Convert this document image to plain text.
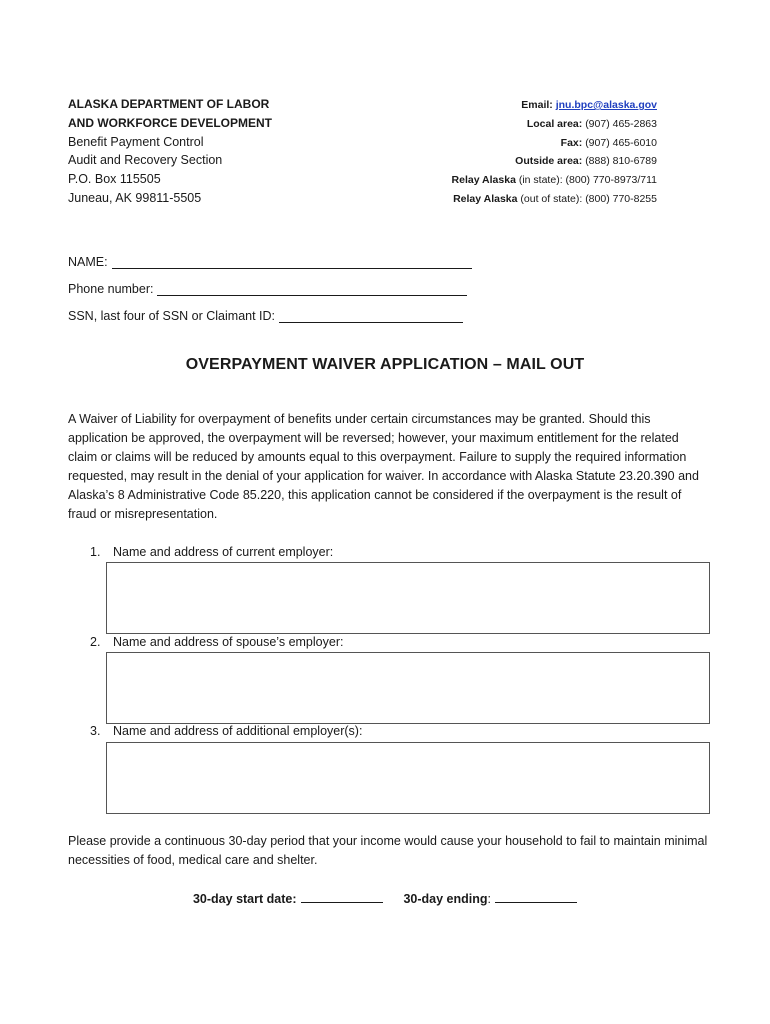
ALASKA DEPARTMENT OF LABOR
AND WORKFORCE DEVELOPMENT
Benefit Payment Control
Audit and Recovery Section
P.O. Box 115505
Juneau, AK 99811-5505
Email: jnu.bpc@alaska.gov
Local area: (907) 465-2863
Fax: (907) 465-6010
Outside area: (888) 810-6789
Relay Alaska (in state): (800) 770-8973/711
Relay Alaska (out of state): (800) 770-8255
NAME:
Phone number:
SSN, last four of SSN or Claimant ID:
OVERPAYMENT WAIVER APPLICATION – MAIL OUT
A Waiver of Liability for overpayment of benefits under certain circumstances may be granted. Should this application be approved, the overpayment will be reversed; however, your maximum entitlement for the related claim or claims will be reduced by amounts equal to this overpayment. Failure to supply the required information requested, may result in the denial of your application for waiver. In accordance with Alaska Statute 23.20.390 and Alaska’s 8 Administrative Code 85.220, this application cannot be considered if the overpayment is the result of fraud or misrepresentation.
1. Name and address of current employer:
2. Name and address of spouse’s employer:
3. Name and address of additional employer(s):
Please provide a continuous 30-day period that your income would cause your household to fail to maintain minimal necessities of food, medical care and shelter.
30-day start date:	30-day ending:
